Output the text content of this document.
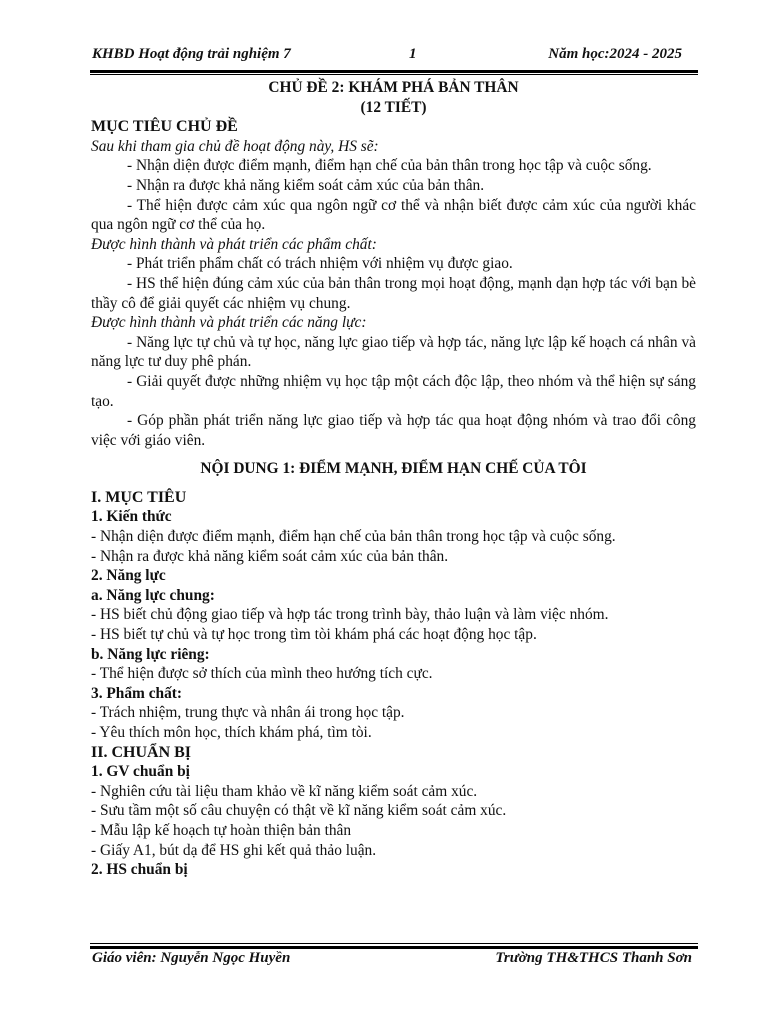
KHBD Hoạt động trải nghiệm 7	1	Năm học:2024 - 2025

CHỦ ĐỀ 2: KHÁM PHÁ BẢN THÂN

(12 TIẾT)

MỤC TIÊU CHỦ ĐỀ

Sau khi tham gia chủ đề hoạt động này, HS sẽ:

- Nhận diện được điểm mạnh, điểm hạn chế của bản thân trong học tập và cuộc sống.

- Nhận ra được khả năng kiểm soát cảm xúc của bản thân.

- Thể hiện được cảm xúc qua ngôn ngữ cơ thể và nhận biết được cảm xúc của người khác qua ngôn ngữ cơ thể của họ.

Được hình thành và phát triển các phẩm chất:

- Phát triển phẩm chất có trách nhiệm với nhiệm vụ được giao.

- HS thể hiện đúng cảm xúc của bản thân trong mọi hoạt động, mạnh dạn hợp tác với bạn bè thầy cô để giải quyết các nhiệm vụ chung.

Được hình thành và phát triển các năng lực:

- Năng lực tự chủ và tự học, năng lực giao tiếp và hợp tác, năng lực lập kế hoạch cá nhân và năng lực tư duy phê phán.

- Giải quyết được những nhiệm vụ học tập một cách độc lập, theo nhóm và thể hiện sự sáng tạo.

- Góp phần phát triển năng lực giao tiếp và hợp tác qua hoạt động nhóm và trao đổi công việc với giáo viên.

NỘI DUNG 1: ĐIỂM MẠNH, ĐIỂM HẠN CHẾ CỦA TÔI

I. MỤC TIÊU

1. Kiến thức

- Nhận diện được điểm mạnh, điểm hạn chế của bản thân trong học tập và cuộc sống.

- Nhận ra được khả năng kiểm soát cảm xúc của bản thân.

2. Năng lực

a. Năng lực chung:

- HS biết chủ động giao tiếp và hợp tác trong trình bày, thảo luận và làm việc nhóm.

- HS biết tự chủ và tự học trong tìm tòi khám phá các hoạt động học tập.

b. Năng lực riêng:

- Thể hiện được sở thích của mình theo hướng tích cực.

3. Phẩm chất:

- Trách nhiệm, trung thực và nhân ái trong học tập.

- Yêu thích môn học, thích khám phá, tìm tòi.

II. CHUẨN BỊ

1. GV chuẩn bị

- Nghiên cứu tài liệu tham khảo về kĩ năng kiểm soát cảm xúc.

- Sưu tầm một số câu chuyện có thật về kĩ năng kiểm soát cảm xúc.

- Mẫu lập kế hoạch tự hoàn thiện bản thân

- Giấy A1, bút dạ để HS ghi kết quả thảo luận.

2. HS chuẩn bị

Giáo viên: Nguyễn Ngọc Huyền	Trường TH&THCS Thanh Sơn
